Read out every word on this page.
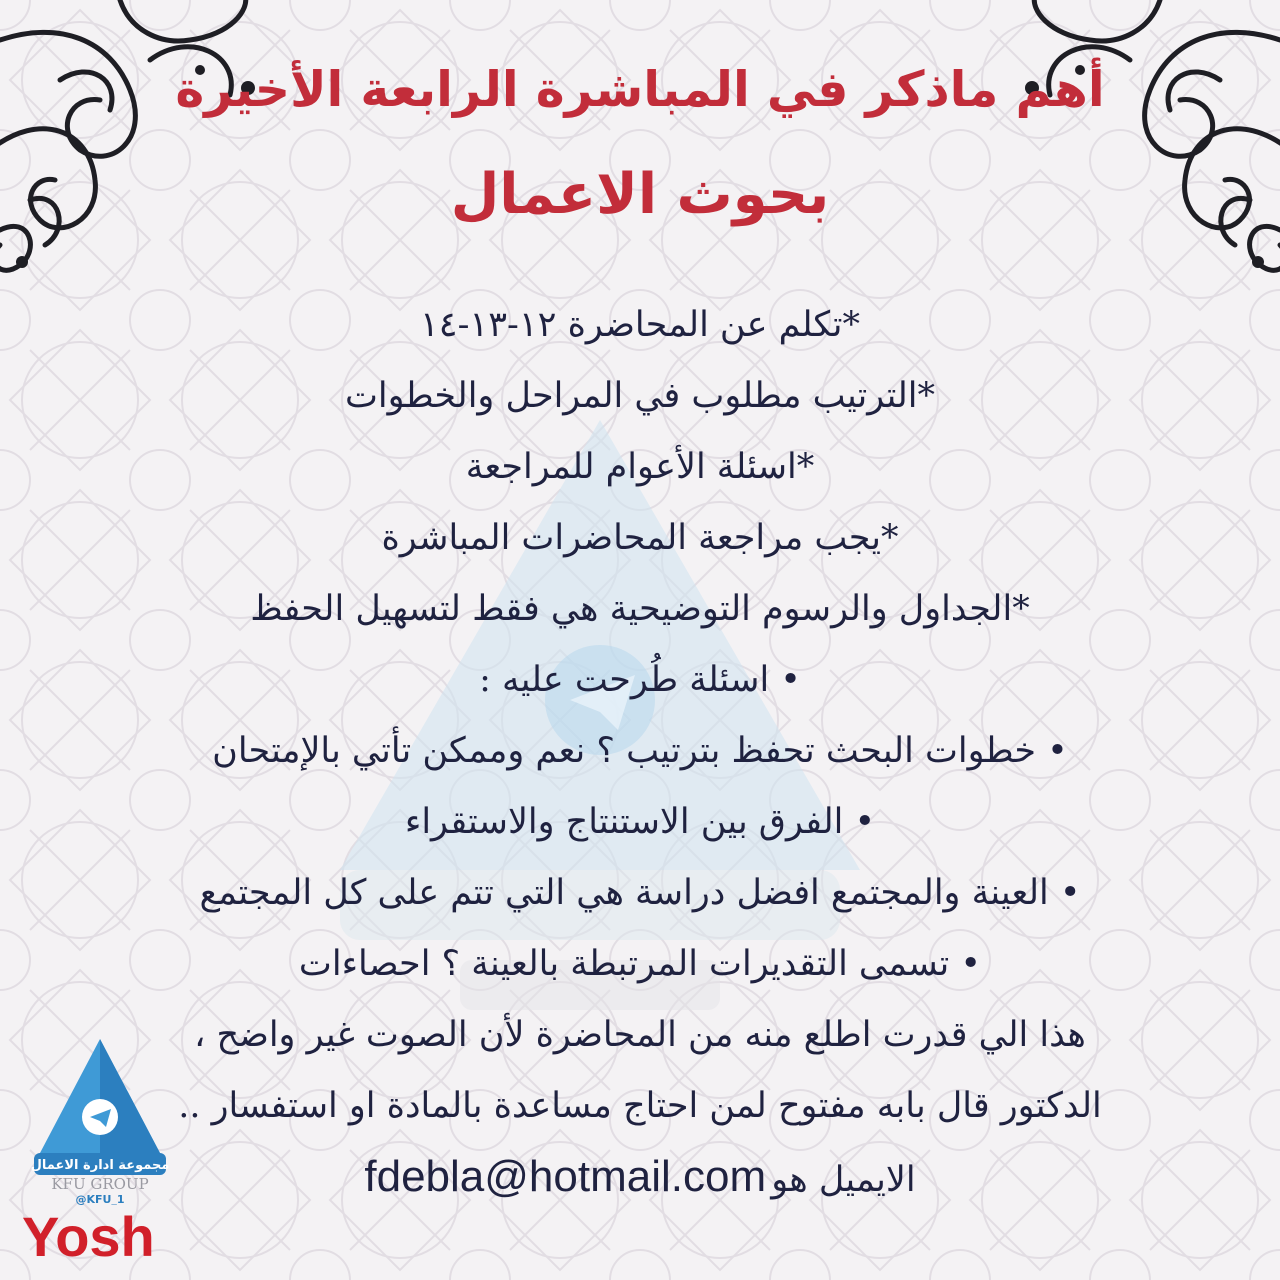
أهم ماذكر في المباشرة الرابعة الأخيرة
بحوث الاعمال
*تكلم عن المحاضرة ١٢-١٣-١٤
*الترتيب مطلوب في المراحل والخطوات
*اسئلة الأعوام للمراجعة
*يجب مراجعة المحاضرات المباشرة
*الجداول والرسوم التوضيحية هي فقط لتسهيل الحفظ
• اسئلة طُرحت عليه :
• خطوات البحث تحفظ بترتيب ؟ نعم وممكن تأتي بالإمتحان
• الفرق بين الاستنتاج والاستقراء
• العينة والمجتمع افضل دراسة هي التي تتم على كل المجتمع
• تسمى التقديرات المرتبطة بالعينة ؟ احصاءات
هذا الي قدرت اطلع منه من المحاضرة لأن الصوت غير واضح ،
الدكتور قال بابه مفتوح لمن احتاج مساعدة بالمادة او استفسار ..
الايميل هو fdebla@hotmail.com
مجموعة ادارة الاعمال
KFU GROUP
@KFU_1
Yosh
